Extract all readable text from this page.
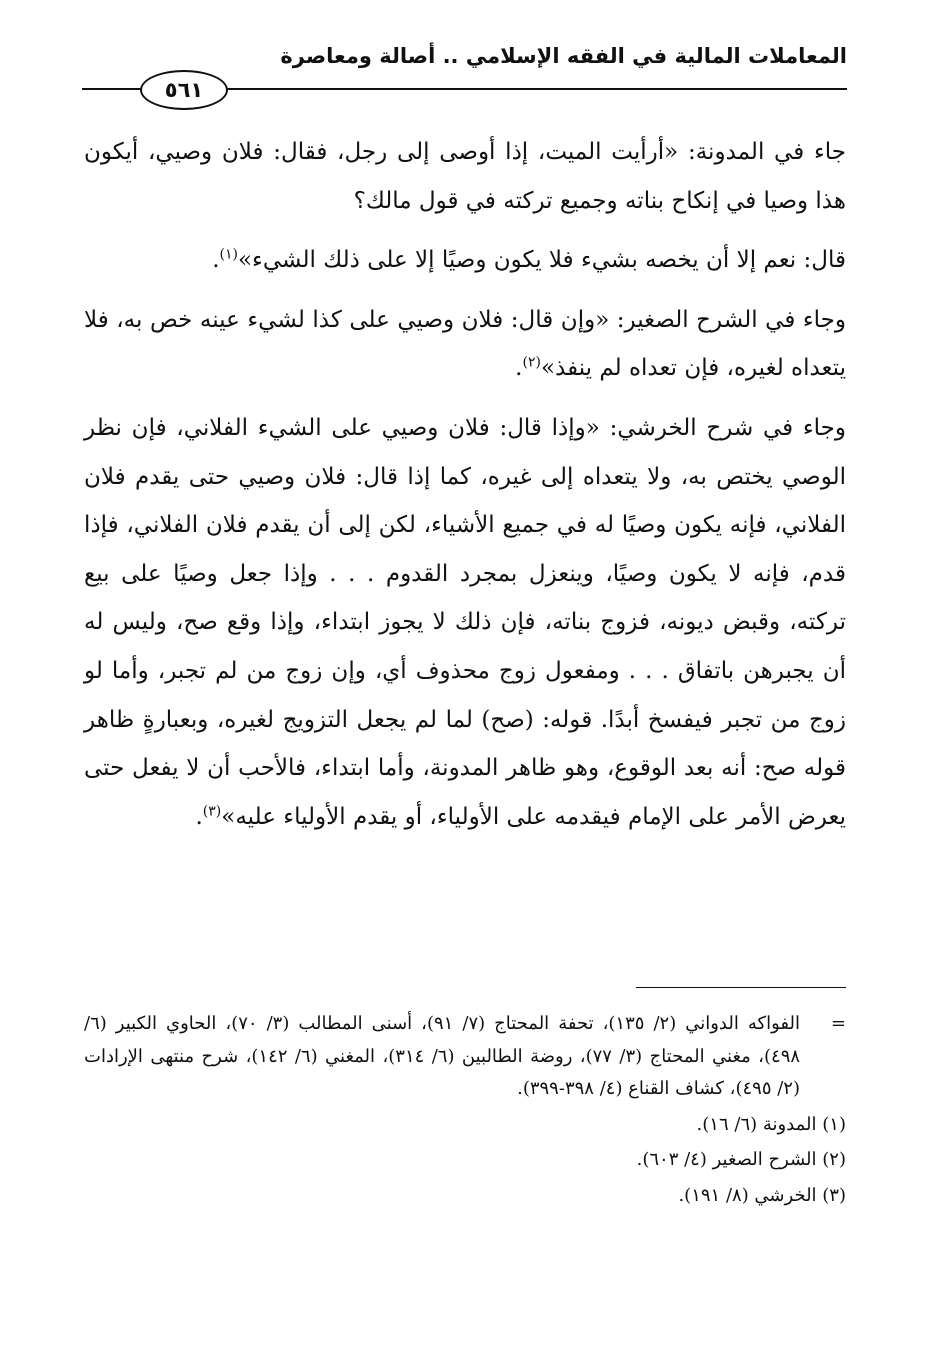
المعاملات المالية في الفقه الإسلامي .. أصالة ومعاصرة
٥٦١

جاء في المدونة: «أرأيت الميت، إذا أوصى إلى رجل، فقال: فلان وصيي، أيكون هذا وصيا في إنكاح بناته وجميع تركته في قول مالك؟

قال: نعم إلا أن يخصه بشيء فلا يكون وصيًا إلا على ذلك الشيء»$^{(١)}$.

وجاء في الشرح الصغير: «وإن قال: فلان وصيي على كذا لشيء عينه خص به، فلا يتعداه لغيره، فإن تعداه لم ينفذ»$^{(٢)}$.

وجاء في شرح الخرشي: «وإذا قال: فلان وصيي على الشيء الفلاني، فإن نظر الوصي يختص به، ولا يتعداه إلى غيره، كما إذا قال: فلان وصيي حتى يقدم فلان الفلاني، فإنه يكون وصيًا له في جميع الأشياء، لكن إلى أن يقدم فلان الفلاني، فإذا قدم، فإنه لا يكون وصيًا، وينعزل بمجرد القدوم . . . وإذا جعل وصيًا على بيع تركته، وقبض ديونه، فزوج بناته، فإن ذلك لا يجوز ابتداء، وإذا وقع صح، وليس له أن يجبرهن باتفاق . . . ومفعول زوج محذوف أي، وإن زوج من لم تجبر، وأما لو زوج من تجبر فيفسخ أبدًا. قوله: (صح) لما لم يجعل التزويج لغيره، وبعبارةٍ ظاهر قوله صح: أنه بعد الوقوع، وهو ظاهر المدونة، وأما ابتداء، فالأحب أن لا يفعل حتى يعرض الأمر على الإمام فيقدمه على الأولياء، أو يقدم الأولياء عليه»$^{(٣)}$.

=
الفواكه الدواني (٢/ ١٣٥)، تحفة المحتاج (٧/ ٩١)، أسنى المطالب (٣/ ٧٠)، الحاوي الكبير (٦/ ٤٩٨)، مغني المحتاج (٣/ ٧٧)، روضة الطالبين (٦/ ٣١٤)، المغني (٦/ ١٤٢)، شرح منتهى الإرادات (٢/ ٤٩٥)، كشاف القناع (٤/ ٣٩٨-٣٩٩).
(١) المدونة (٦/ ١٦).
(٢) الشرح الصغير (٤/ ٦٠٣).
(٣) الخرشي (٨/ ١٩١).
